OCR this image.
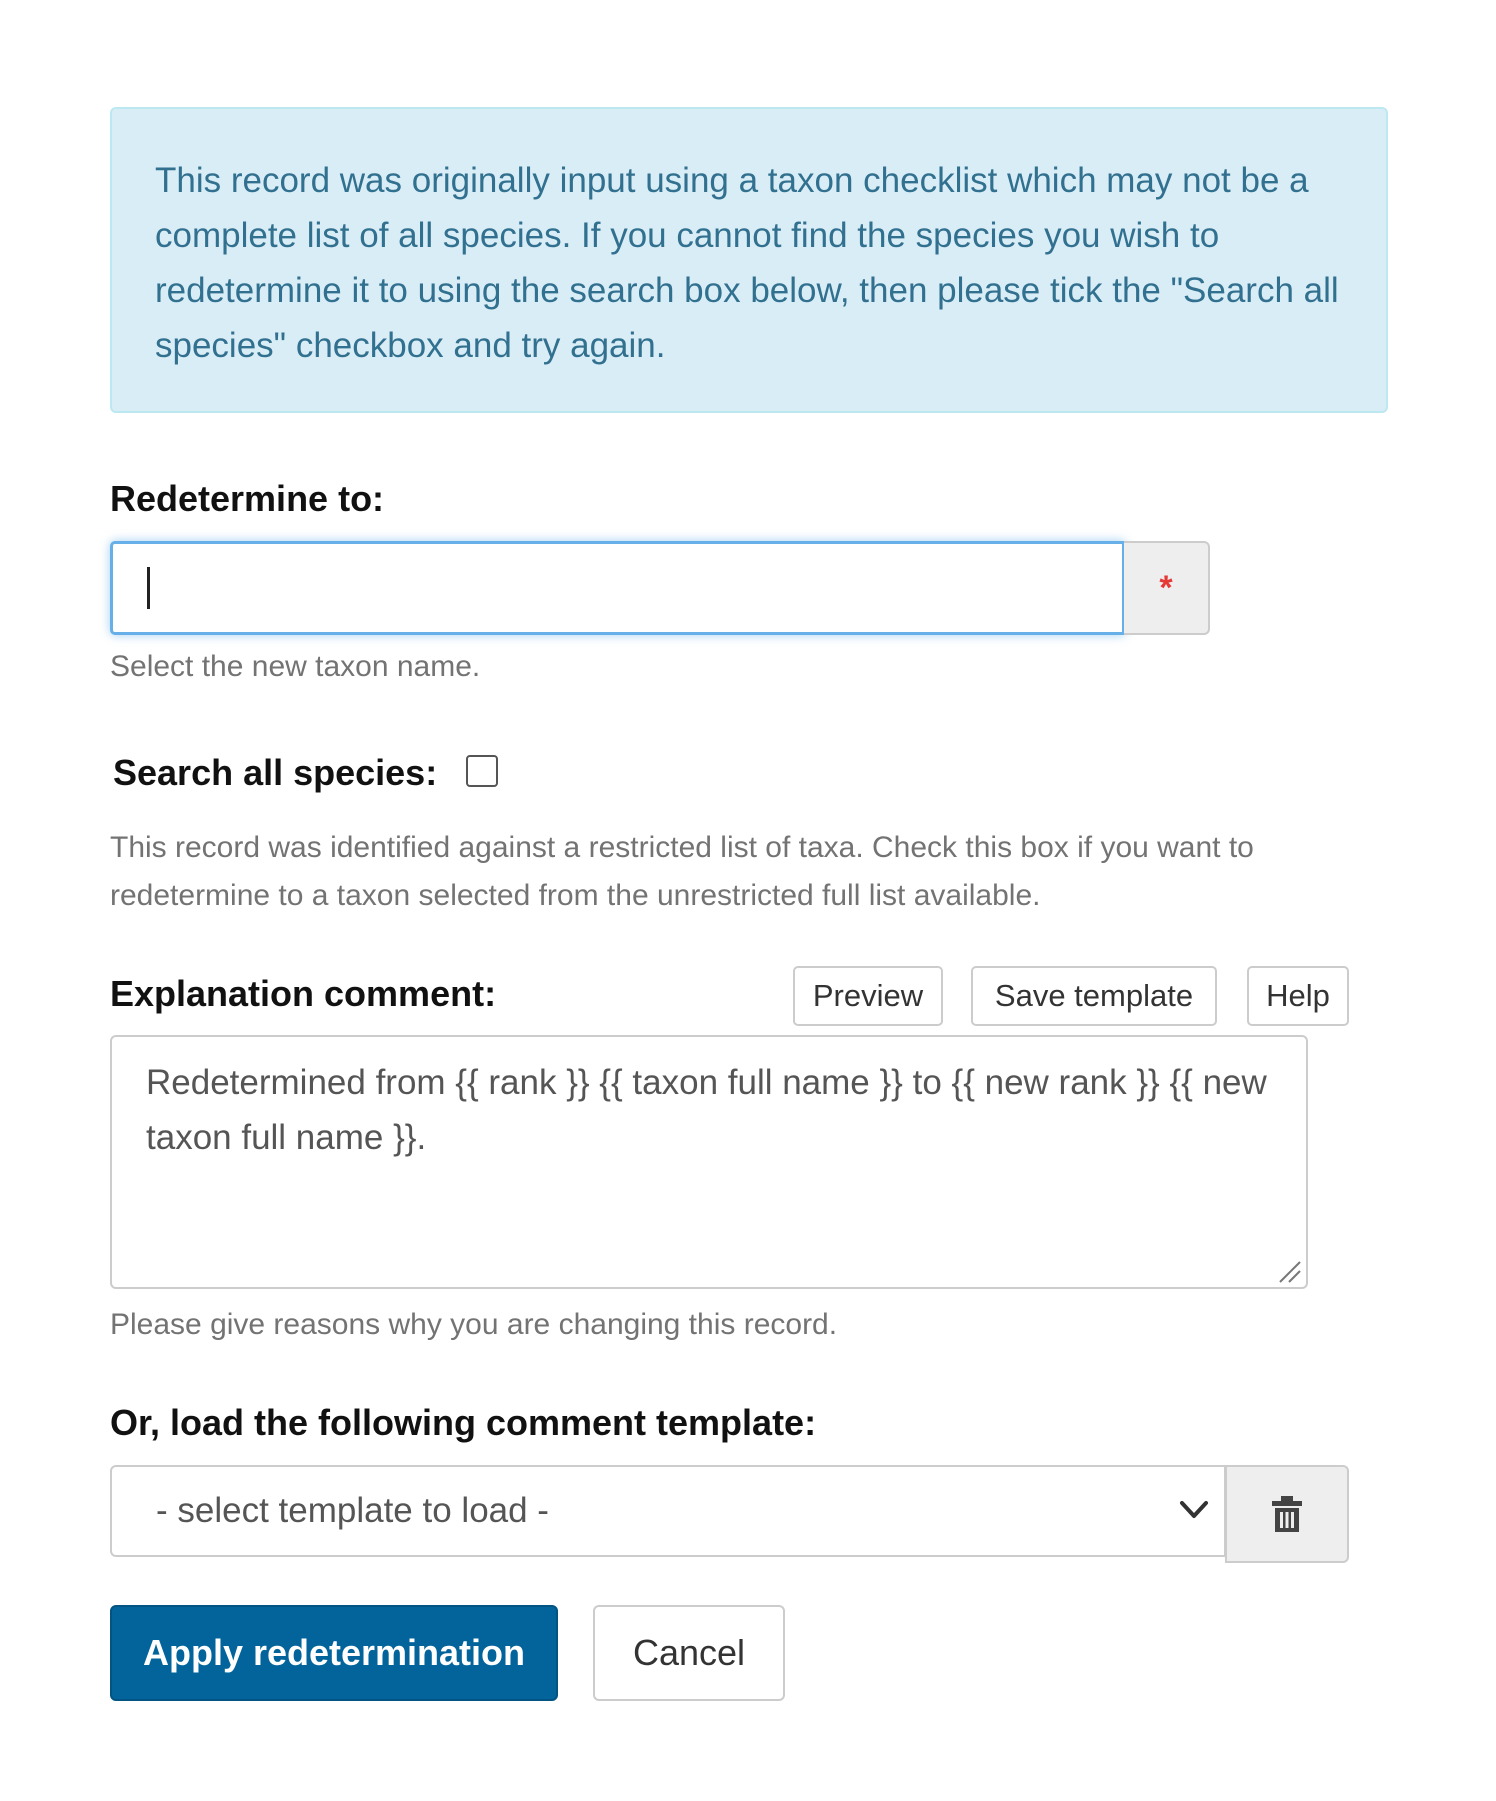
This record was originally input using a taxon checklist which may not be a complete list of all species. If you cannot find the species you wish to redetermine it to using the search box below, then please tick the "Search all species" checkbox and try again.

Redetermine to:
*

Select the new taxon name.

Search all species:

This record was identified against a restricted list of taxa. Check this box if you want to redetermine to a taxon selected from the unrestricted full list available.

Explanation comment:	Preview	Save template	Help
Redetermined from {{ rank }} {{ taxon full name }} to {{ new rank }} {{ new taxon full name }}.

Please give reasons why you are changing this record.

Or, load the following comment template:
- select template to load -
Apply redetermination	Cancel
